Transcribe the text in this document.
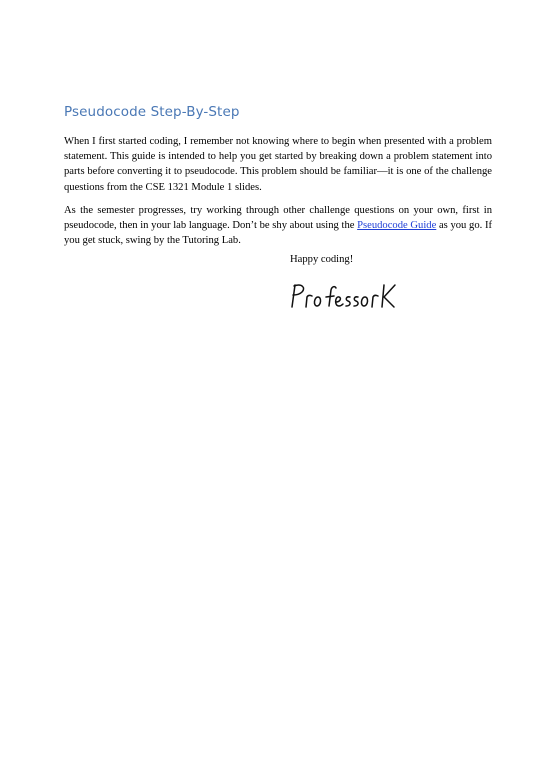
Pseudocode Step-By-Step

When I first started coding, I remember not knowing where to begin when presented with a problem statement. This guide is intended to help you get started by breaking down a problem statement into parts before converting it to pseudocode. This problem should be familiar—it is one of the challenge questions from the CSE 1321 Module 1 slides.

As the semester progresses, try working through other challenge questions on your own, first in pseudocode, then in your lab language. Don’t be shy about using the Pseudocode Guide as you go. If you get stuck, swing by the Tutoring Lab.

Happy coding!
